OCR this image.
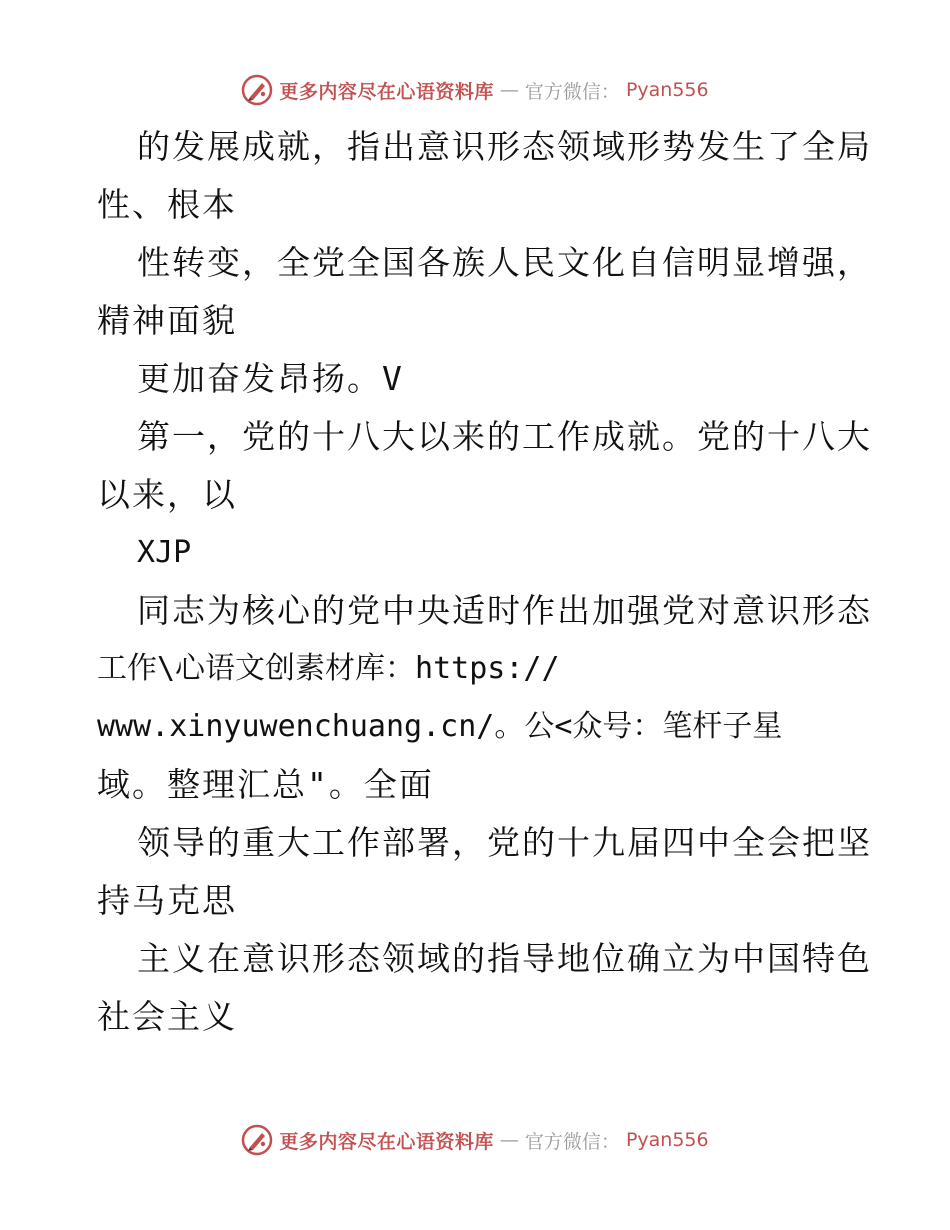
更多内容尽在心语资料库 — 官方微信： Pyan556
的发展成就，指出意识形态领域形势发生了全局
性、根本
性转变，全党全国各族人民文化自信明显增强，
精神面貌
更加奋发昂扬。V
第一，党的十八大以来的工作成就。党的十八大
以来，以
XJP
同志为核心的党中央适时作出加强党对意识形态
工作\心语文创素材库：https://
www.xinyuwenchuang.cn/。公<众号：笔杆子星
域。整理汇总"。全面
领导的重大工作部署，党的十九届四中全会把坚
持马克思
主义在意识形态领域的指导地位确立为中国特色
社会主义
更多内容尽在心语资料库 — 官方微信： Pyan556
